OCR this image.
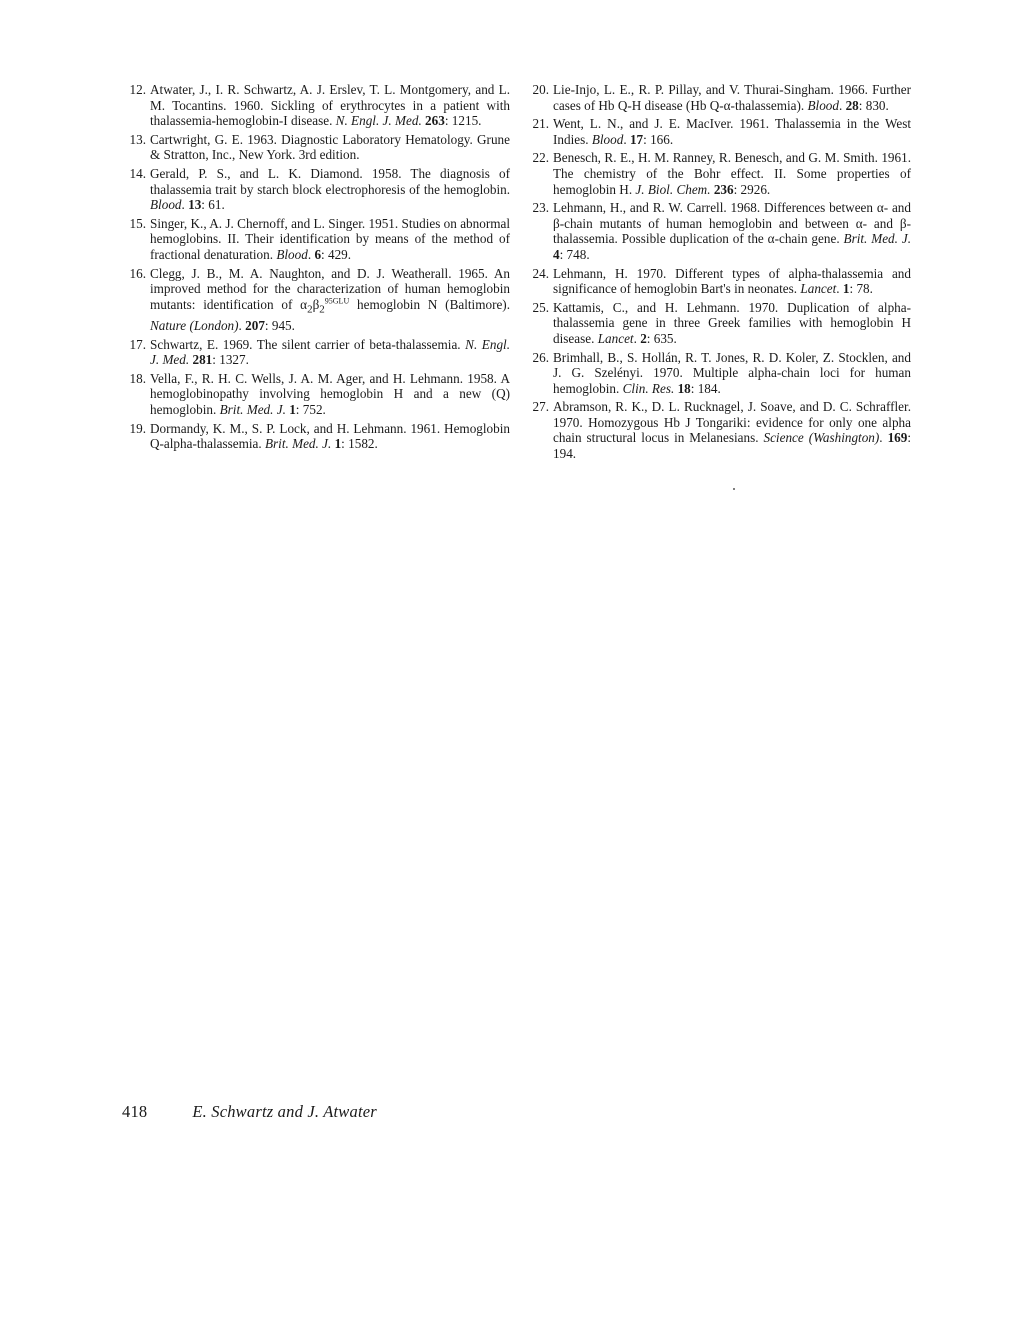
12. Atwater, J., I. R. Schwartz, A. J. Erslev, T. L. Montgomery, and L. M. Tocantins. 1960. Sickling of erythrocytes in a patient with thalassemia-hemoglobin-I disease. N. Engl. J. Med. 263: 1215.
13. Cartwright, G. E. 1963. Diagnostic Laboratory Hematology. Grune & Stratton, Inc., New York. 3rd edition.
14. Gerald, P. S., and L. K. Diamond. 1958. The diagnosis of thalassemia trait by starch block electrophoresis of the hemoglobin. Blood. 13: 61.
15. Singer, K., A. J. Chernoff, and L. Singer. 1951. Studies on abnormal hemoglobins. II. Their identification by means of the method of fractional denaturation. Blood. 6: 429.
16. Clegg, J. B., M. A. Naughton, and D. J. Weatherall. 1965. An improved method for the characterization of human hemoglobin mutants: identification of $\alpha_2\beta_2^{95GLU}$ hemoglobin N (Baltimore). Nature (London). 207: 945.
17. Schwartz, E. 1969. The silent carrier of beta-thalassemia. N. Engl. J. Med. 281: 1327.
18. Vella, F., R. H. C. Wells, J. A. M. Ager, and H. Lehmann. 1958. A hemoglobinopathy involving hemoglobin H and a new (Q) hemoglobin. Brit. Med. J. 1: 752.
19. Dormandy, K. M., S. P. Lock, and H. Lehmann. 1961. Hemoglobin Q-alpha-thalassemia. Brit. Med. J. 1: 1582.
20. Lie-Injo, L. E., R. P. Pillay, and V. Thurai-Singham. 1966. Further cases of Hb Q-H disease (Hb Q-α-thalassemia). Blood. 28: 830.
21. Went, L. N., and J. E. MacIver. 1961. Thalassemia in the West Indies. Blood. 17: 166.
22. Benesch, R. E., H. M. Ranney, R. Benesch, and G. M. Smith. 1961. The chemistry of the Bohr effect. II. Some properties of hemoglobin H. J. Biol. Chem. 236: 2926.
23. Lehmann, H., and R. W. Carrell. 1968. Differences between α- and β-chain mutants of human hemoglobin and between α- and β-thalassemia. Possible duplication of the α-chain gene. Brit. Med. J. 4: 748.
24. Lehmann, H. 1970. Different types of alpha-thalassemia and significance of hemoglobin Bart's in neonates. Lancet. 1: 78.
25. Kattamis, C., and H. Lehmann. 1970. Duplication of alpha-thalassemia gene in three Greek families with hemoglobin H disease. Lancet. 2: 635.
26. Brimhall, B., S. Hollán, R. T. Jones, R. D. Koler, Z. Stocklen, and J. G. Szelényi. 1970. Multiple alpha-chain loci for human hemoglobin. Clin. Res. 18: 184.
27. Abramson, R. K., D. L. Rucknagel, J. Soave, and D. C. Schraffler. 1970. Homozygous Hb J Tongariki: evidence for only one alpha chain structural locus in Melanesians. Science (Washington). 169: 194.
418	E. Schwartz and J. Atwater
